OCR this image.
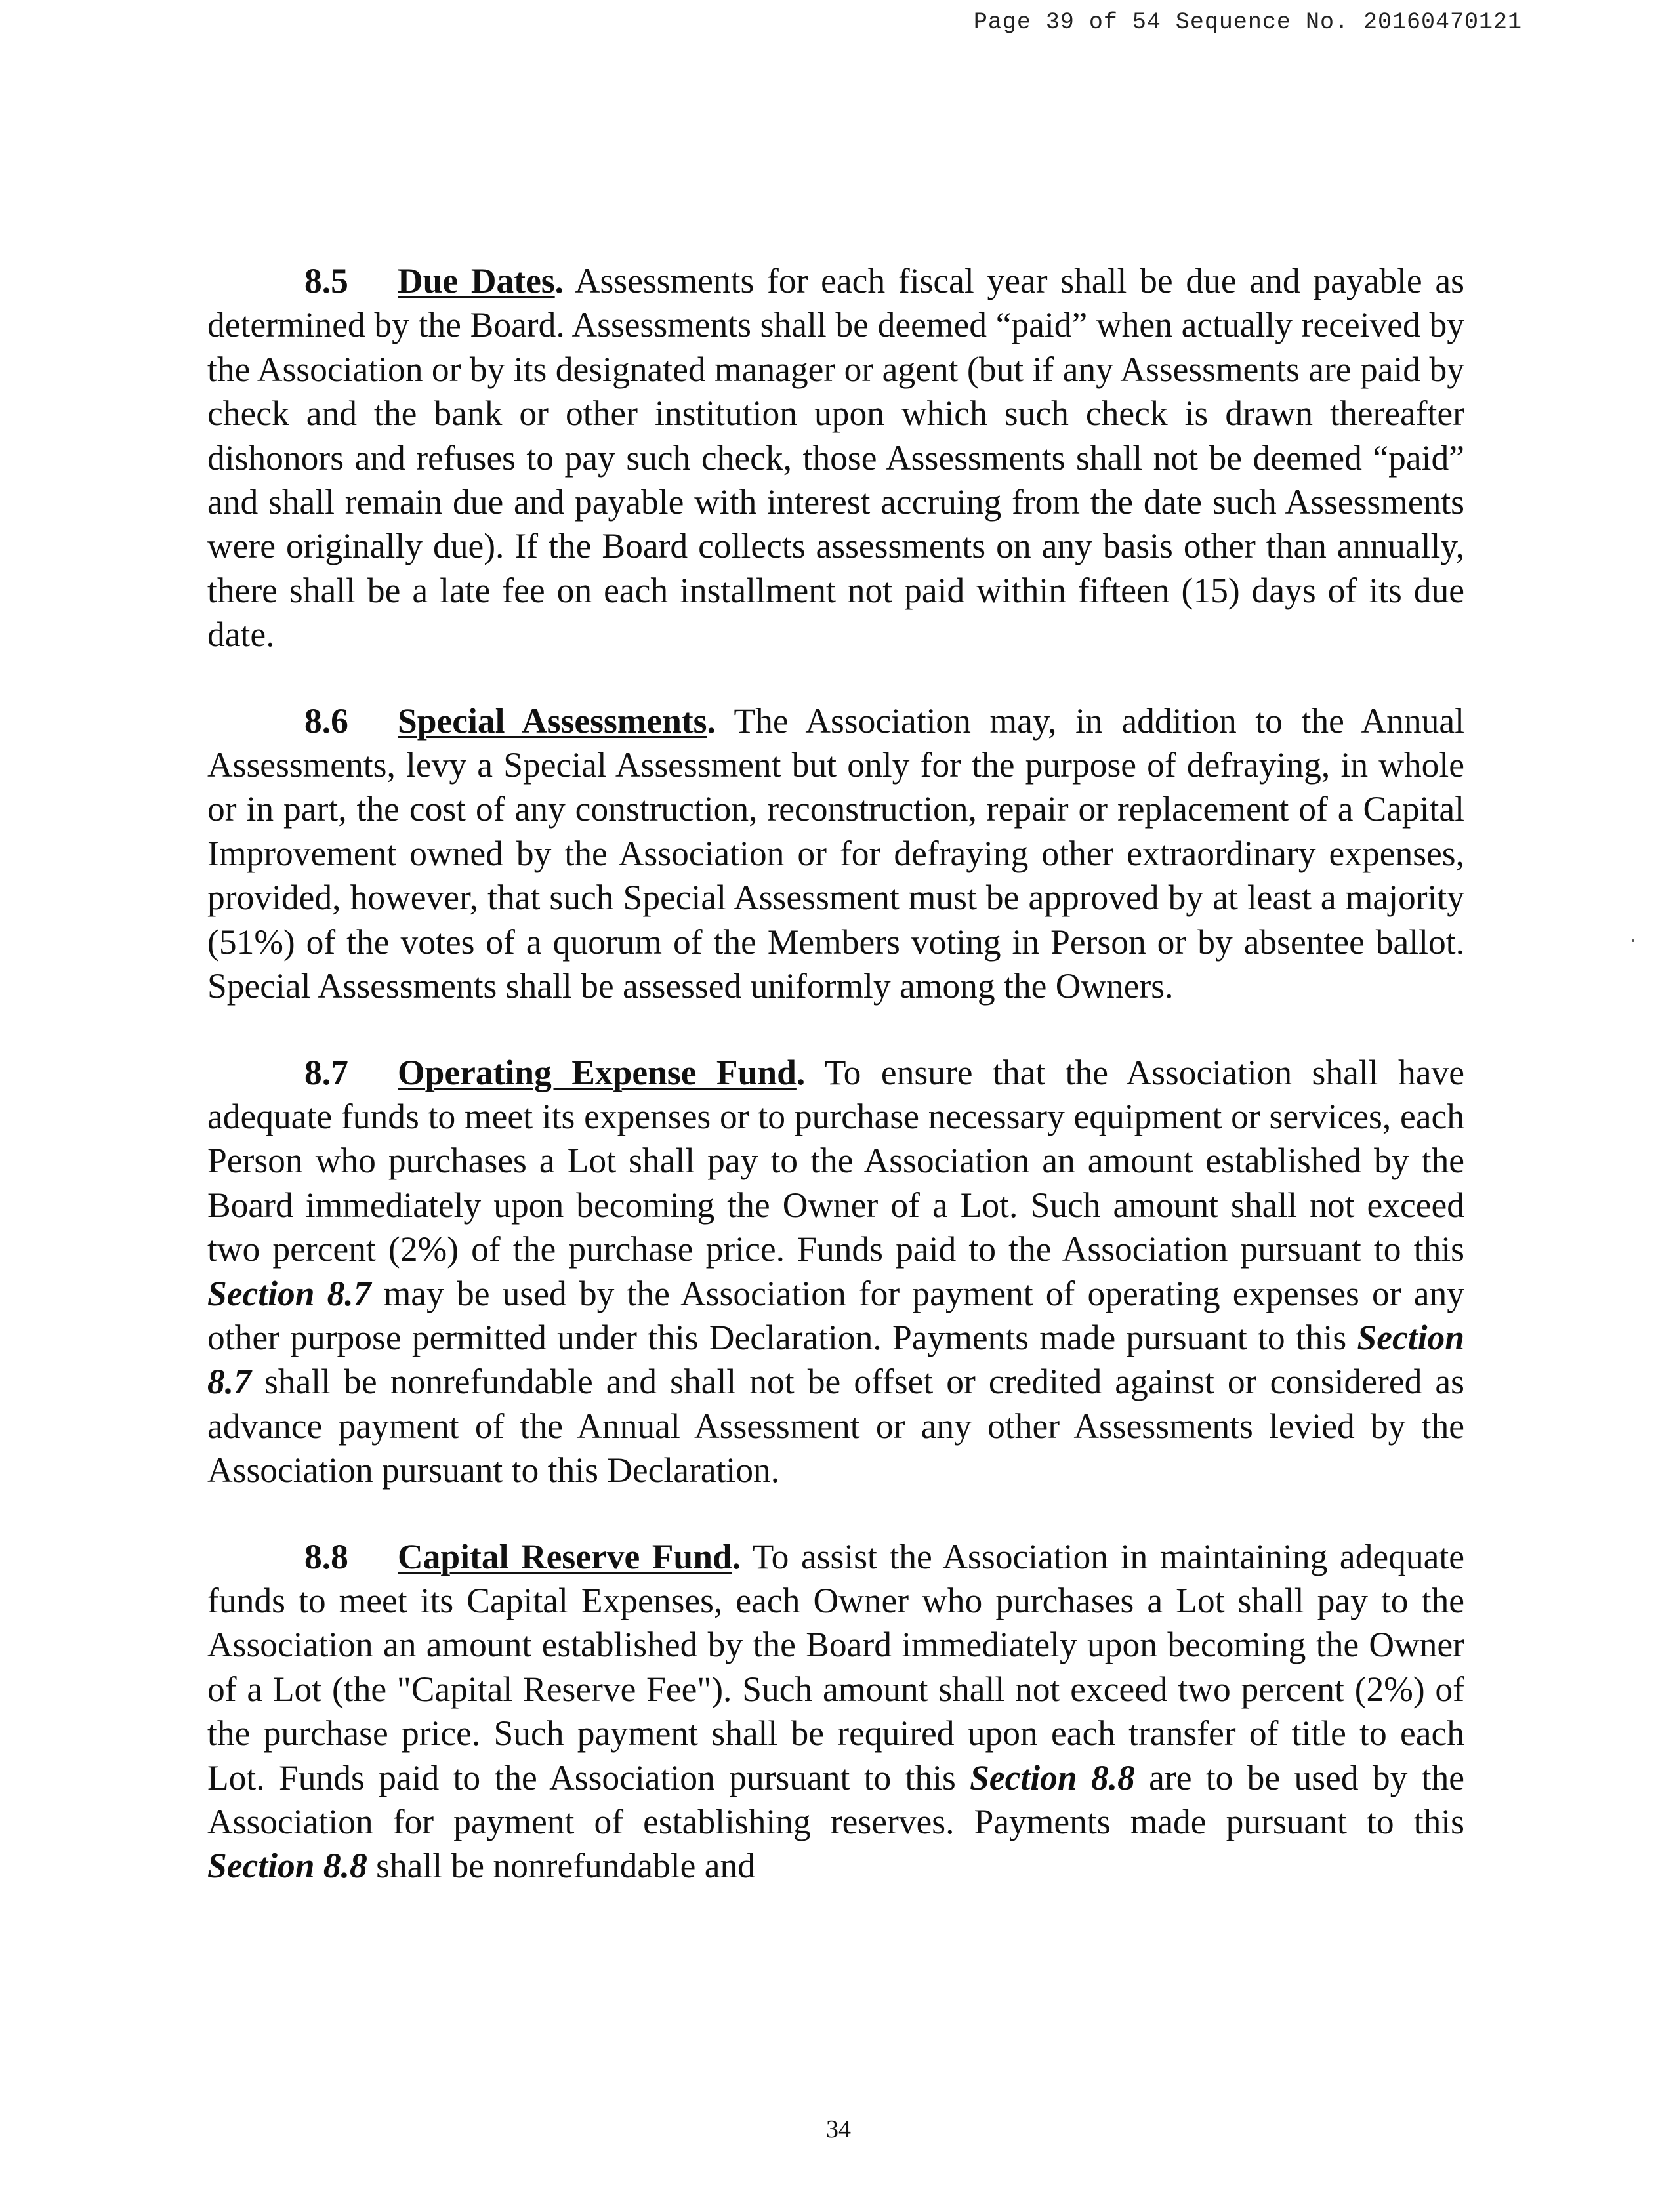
Page 39 of 54 Sequence No. 20160470121

8.5 Due Dates. Assessments for each fiscal year shall be due and payable as determined by the Board. Assessments shall be deemed “paid” when actually received by the Association or by its designated manager or agent (but if any Assessments are paid by check and the bank or other institution upon which such check is drawn thereafter dishonors and refuses to pay such check, those Assessments shall not be deemed “paid” and shall remain due and payable with interest accruing from the date such Assessments were originally due). If the Board collects assessments on any basis other than annually, there shall be a late fee on each installment not paid within fifteen (15) days of its due date.

8.6 Special Assessments. The Association may, in addition to the Annual Assessments, levy a Special Assessment but only for the purpose of defraying, in whole or in part, the cost of any construction, reconstruction, repair or replacement of a Capital Improvement owned by the Association or for defraying other extraordinary expenses, provided, however, that such Special Assessment must be approved by at least a majority (51%) of the votes of a quorum of the Members voting in Person or by absentee ballot. Special Assessments shall be assessed uniformly among the Owners.

8.7 Operating Expense Fund. To ensure that the Association shall have adequate funds to meet its expenses or to purchase necessary equipment or services, each Person who purchases a Lot shall pay to the Association an amount established by the Board immediately upon becoming the Owner of a Lot. Such amount shall not exceed two percent (2%) of the purchase price. Funds paid to the Association pursuant to this Section 8.7 may be used by the Association for payment of operating expenses or any other purpose permitted under this Declaration. Payments made pursuant to this Section 8.7 shall be nonrefundable and shall not be offset or credited against or considered as advance payment of the Annual Assessment or any other Assessments levied by the Association pursuant to this Declaration.

8.8 Capital Reserve Fund. To assist the Association in maintaining adequate funds to meet its Capital Expenses, each Owner who purchases a Lot shall pay to the Association an amount established by the Board immediately upon becoming the Owner of a Lot (the "Capital Reserve Fee"). Such amount shall not exceed two percent (2%) of the purchase price. Such payment shall be required upon each transfer of title to each Lot. Funds paid to the Association pursuant to this Section 8.8 are to be used by the Association for payment of establishing reserves. Payments made pursuant to this Section 8.8 shall be nonrefundable and

34
